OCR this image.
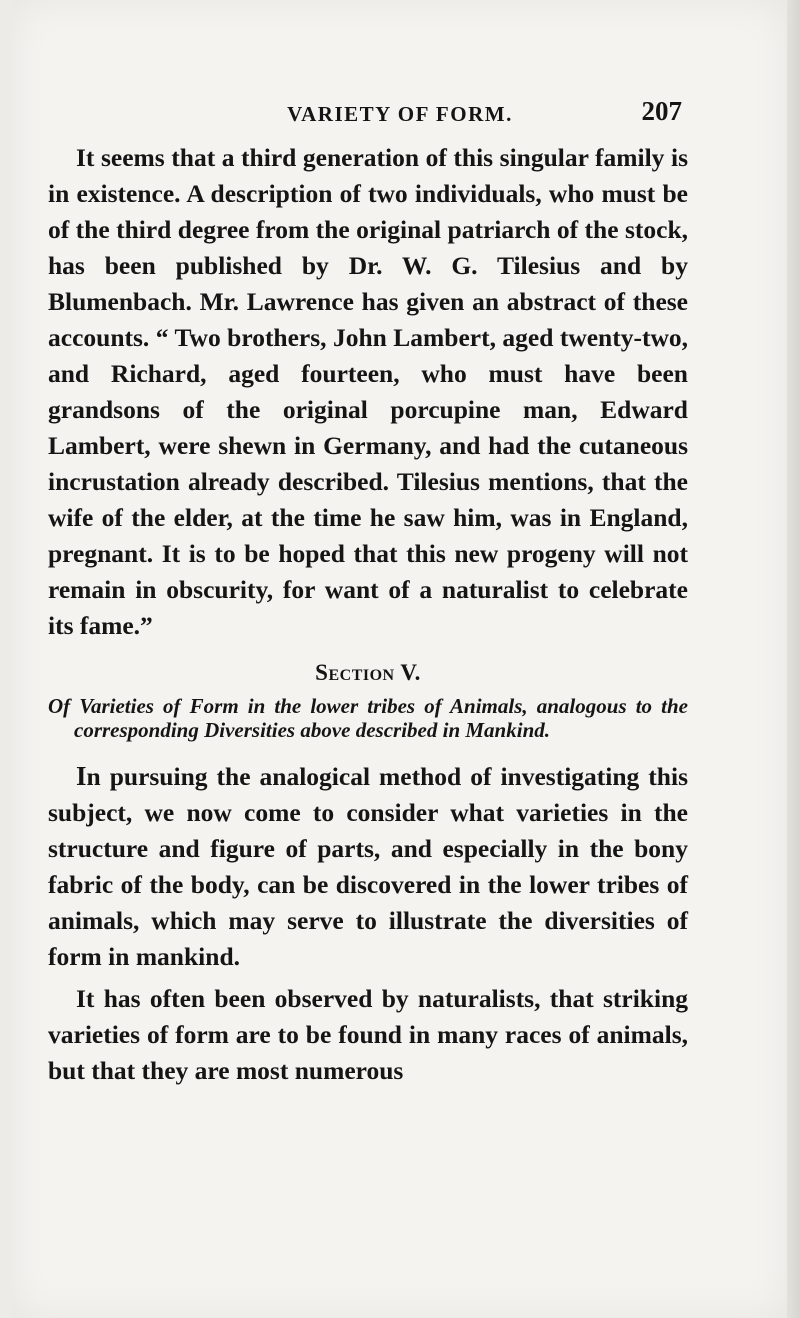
VARIETY OF FORM.	207

It seems that a third generation of this singular family is in existence. A description of two individuals, who must be of the third degree from the original patriarch of the stock, has been published by Dr. W. G. Tilesius and by Blumenbach. Mr. Lawrence has given an abstract of these accounts. “ Two brothers, John Lambert, aged twenty-two, and Richard, aged fourteen, who must have been grandsons of the original porcupine man, Edward Lambert, were shewn in Germany, and had the cutaneous incrustation already described. Tilesius mentions, that the wife of the elder, at the time he saw him, was in England, pregnant. It is to be hoped that this new progeny will not remain in obscurity, for want of a naturalist to celebrate its fame.”

Section V.
Of Varieties of Form in the lower tribes of Animals, analogous to the corresponding Diversities above described in Mankind.

In pursuing the analogical method of investigating this subject, we now come to consider what varieties in the structure and figure of parts, and especially in the bony fabric of the body, can be discovered in the lower tribes of animals, which may serve to illustrate the diversities of form in mankind.

It has often been observed by naturalists, that striking varieties of form are to be found in many races of animals, but that they are most numerous
